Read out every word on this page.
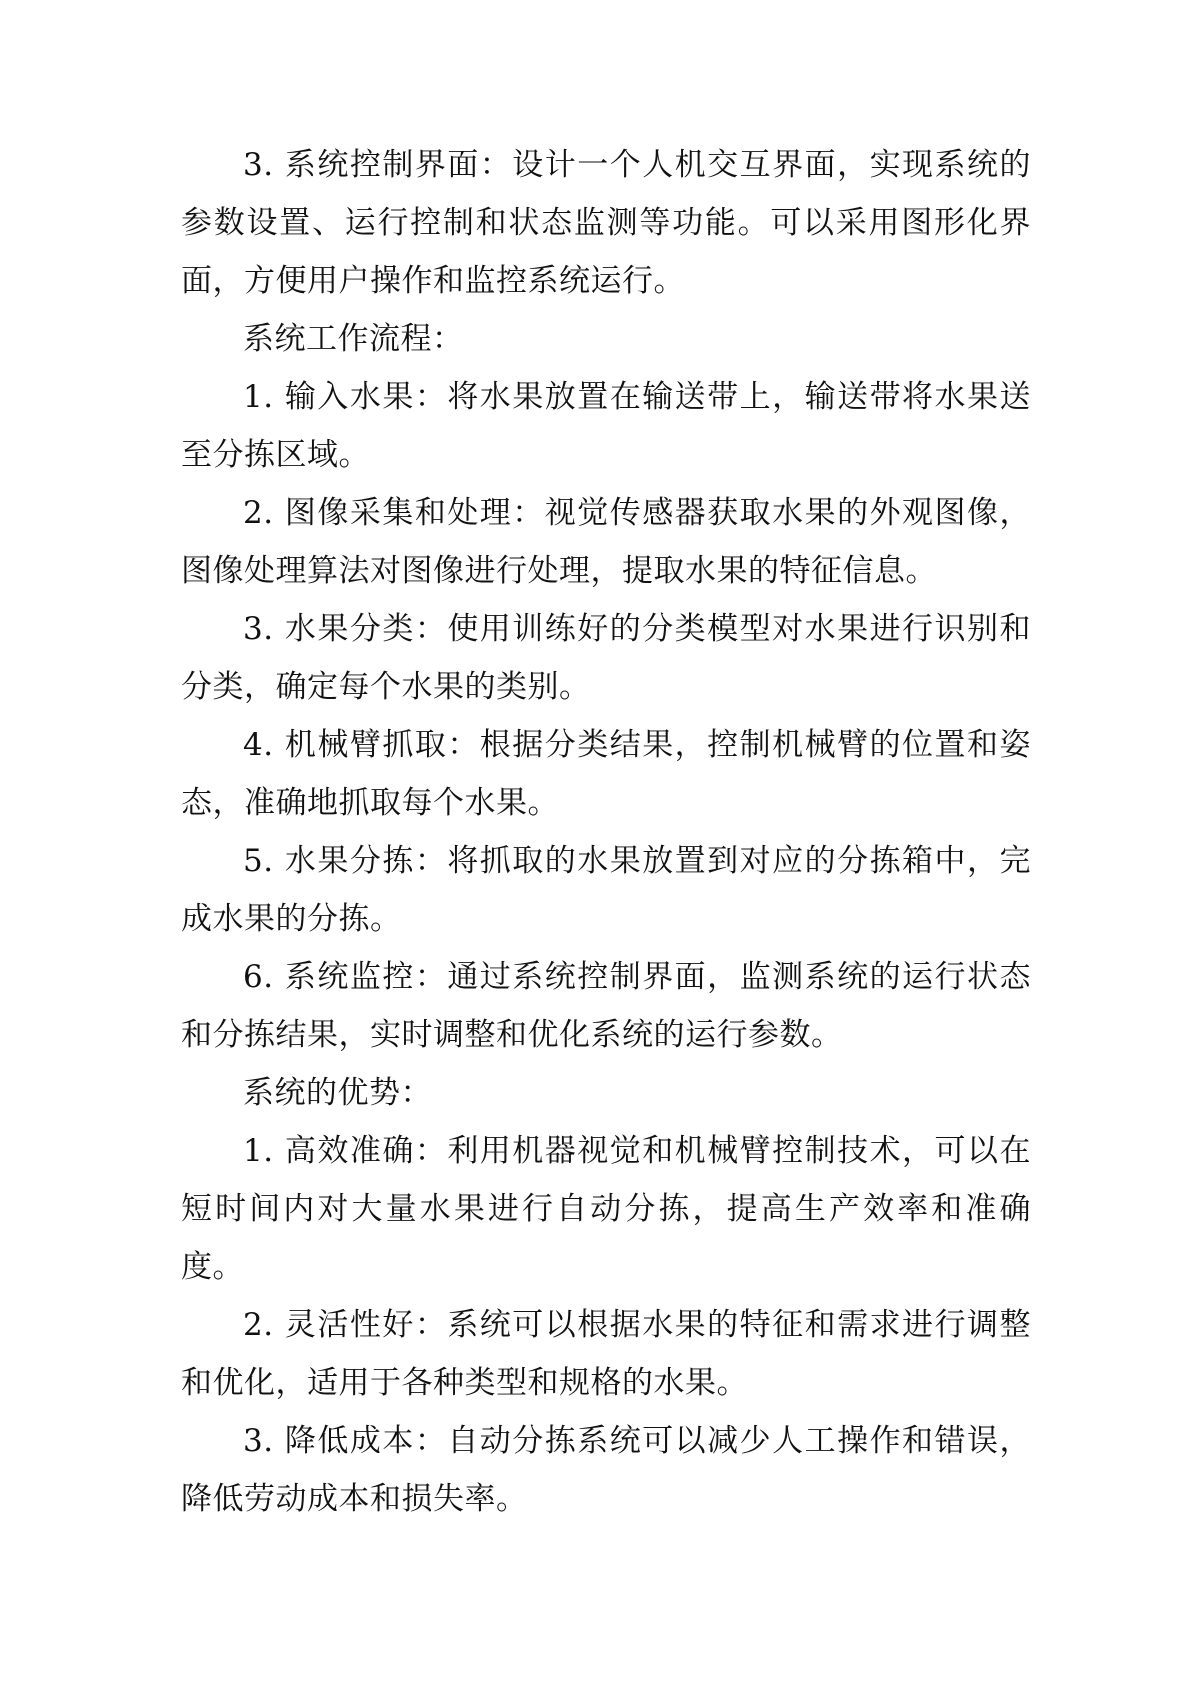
3. 系统控制界面：设计一个人机交互界面，实现系统的参数设置、运行控制和状态监测等功能。可以采用图形化界面，方便用户操作和监控系统运行。

系统工作流程：

1. 输入水果：将水果放置在输送带上，输送带将水果送至分拣区域。

2. 图像采集和处理：视觉传感器获取水果的外观图像，图像处理算法对图像进行处理，提取水果的特征信息。

3. 水果分类：使用训练好的分类模型对水果进行识别和分类，确定每个水果的类别。

4. 机械臂抓取：根据分类结果，控制机械臂的位置和姿态，准确地抓取每个水果。

5. 水果分拣：将抓取的水果放置到对应的分拣箱中，完成水果的分拣。

6. 系统监控：通过系统控制界面，监测系统的运行状态和分拣结果，实时调整和优化系统的运行参数。

系统的优势：

1. 高效准确：利用机器视觉和机械臂控制技术，可以在短时间内对大量水果进行自动分拣，提高生产效率和准确度。

2. 灵活性好：系统可以根据水果的特征和需求进行调整和优化，适用于各种类型和规格的水果。

3. 降低成本：自动分拣系统可以减少人工操作和错误，降低劳动成本和损失率。
